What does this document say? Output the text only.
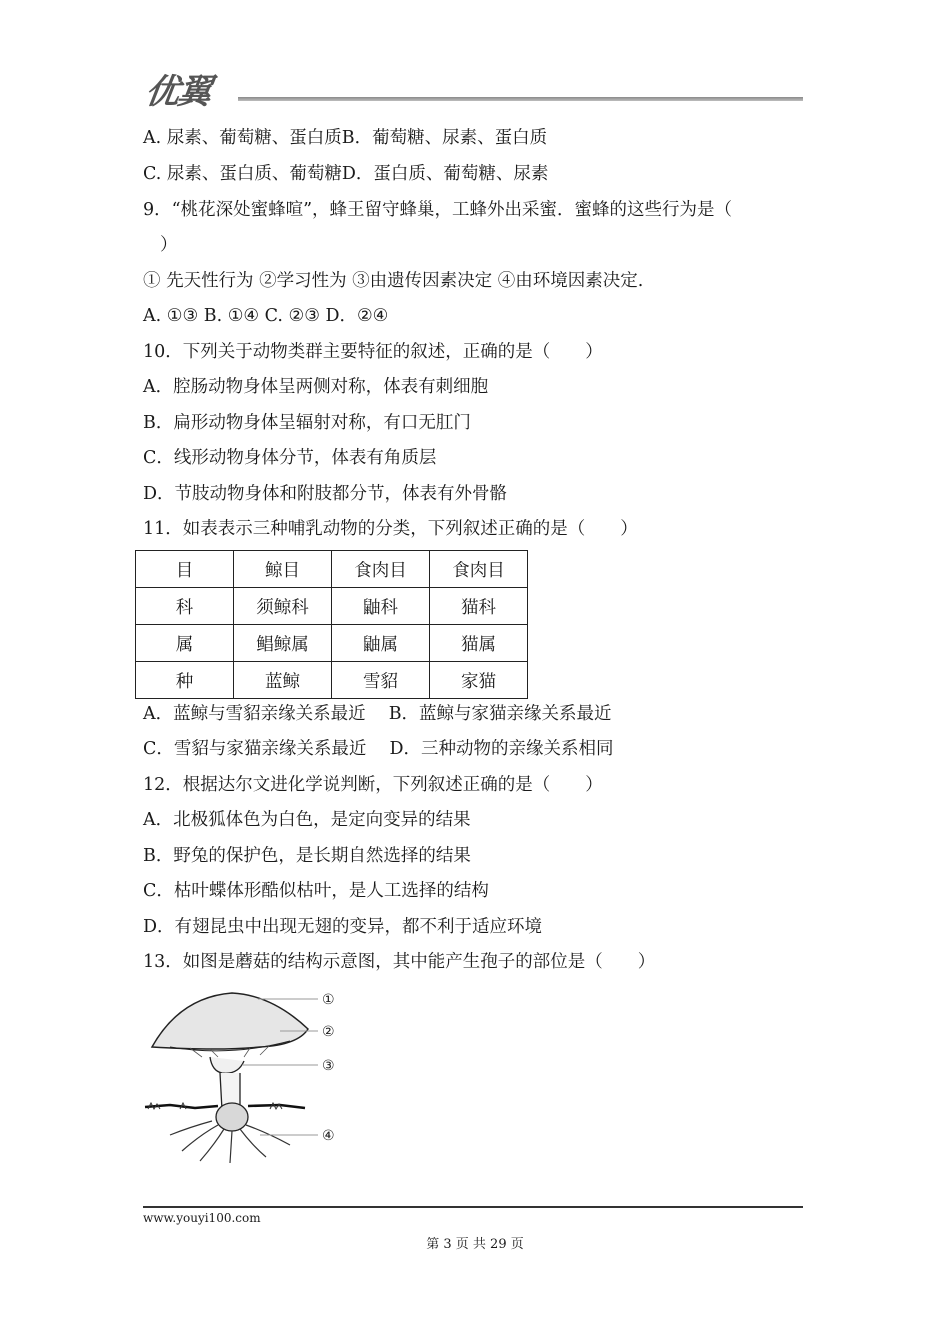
优翼
A. 尿素、葡萄糖、蛋白质B．葡萄糖、尿素、蛋白质
C. 尿素、蛋白质、葡萄糖D．蛋白质、葡萄糖、尿素
9．“桃花深处蜜蜂喧”，蜂王留守蜂巢，工蜂外出采蜜．蜜蜂的这些行为是（
）
① 先天性行为 ②学习性为 ③由遗传因素决定 ④由环境因素决定.
A. ①③ B. ①④ C. ②③ D．②④
10．下列关于动物类群主要特征的叙述，正确的是（　　）
A．腔肠动物身体呈两侧对称，体表有刺细胞
B．扁形动物身体呈辐射对称，有口无肛门
C．线形动物身体分节，体表有角质层
D．节肢动物身体和附肢都分节，体表有外骨骼
11．如表表示三种哺乳动物的分类，下列叙述正确的是（　　）
目	鲸目	食肉目	食肉目
科	须鲸科	鼬科	猫科
属	鲳鲸属	鼬属	猫属
种	蓝鲸	雪貂	家猫
A．蓝鲸与雪貂亲缘关系最近　 B．蓝鲸与家猫亲缘关系最近
C．雪貂与家猫亲缘关系最近　 D．三种动物的亲缘关系相同
12．根据达尔文进化学说判断，下列叙述正确的是（　　）
A．北极狐体色为白色，是定向变异的结果
B．野兔的保护色，是长期自然选择的结果
C．枯叶蝶体形酷似枯叶，是人工选择的结构
D．有翅昆虫中出现无翅的变异，都不利于适应环境
13．如图是蘑菇的结构示意图，其中能产生孢子的部位是（　　）
①
②
③
④
www.youyi100.com
第 3 页 共 29 页
